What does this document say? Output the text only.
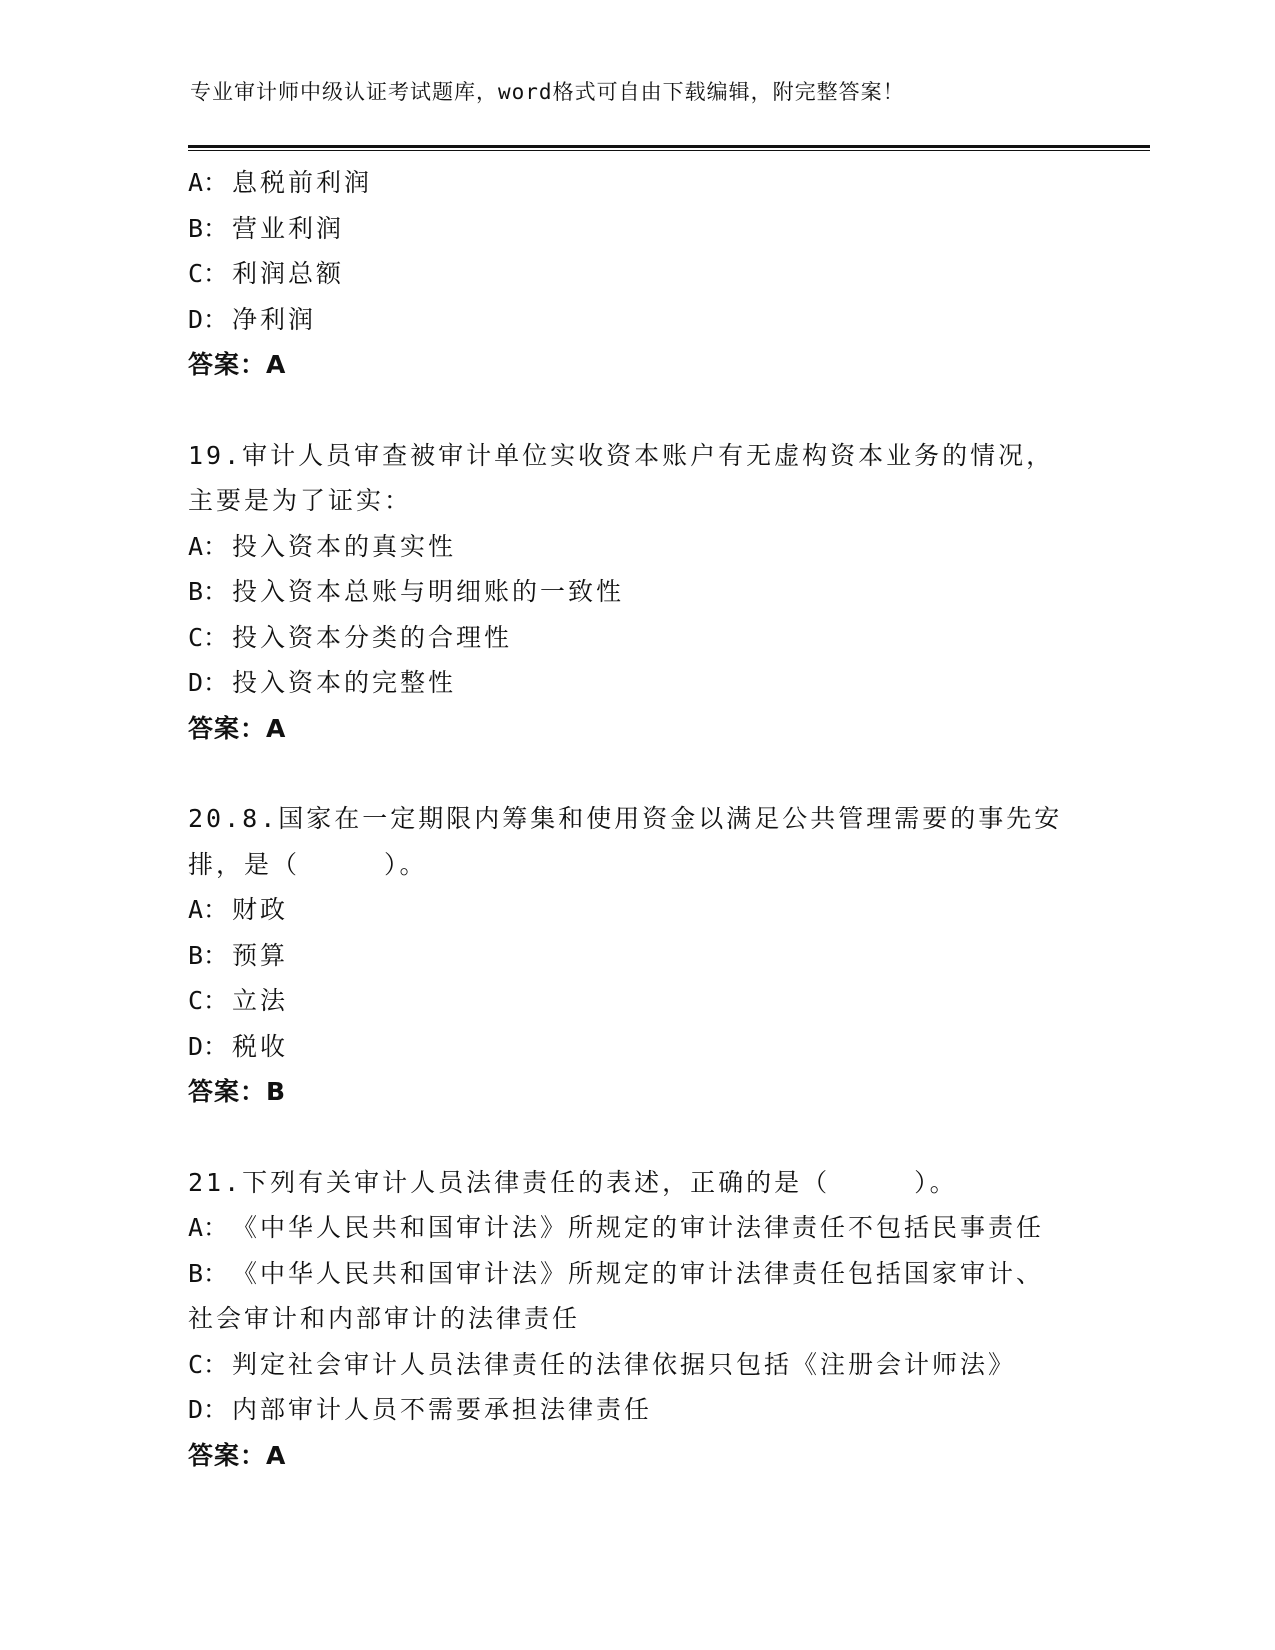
专业审计师中级认证考试题库，word格式可自由下载编辑，附完整答案！
A： 息税前利润
B： 营业利润
C： 利润总额
D： 净利润
答案：A
19.审计人员审查被审计单位实收资本账户有无虚构资本业务的情况，
主要是为了证实：
A： 投入资本的真实性
B： 投入资本总账与明细账的一致性
C： 投入资本分类的合理性
D： 投入资本的完整性
答案：A
20.8.国家在一定期限内筹集和使用资金以满足公共管理需要的事先安
排，是（　　　）。
A： 财政
B： 预算
C： 立法
D： 税收
答案：B
21.下列有关审计人员法律责任的表述，正确的是（　　　）。
A： 《中华人民共和国审计法》所规定的审计法律责任不包括民事责任
B： 《中华人民共和国审计法》所规定的审计法律责任包括国家审计、
社会审计和内部审计的法律责任
C： 判定社会审计人员法律责任的法律依据只包括《注册会计师法》
D： 内部审计人员不需要承担法律责任
答案：A
